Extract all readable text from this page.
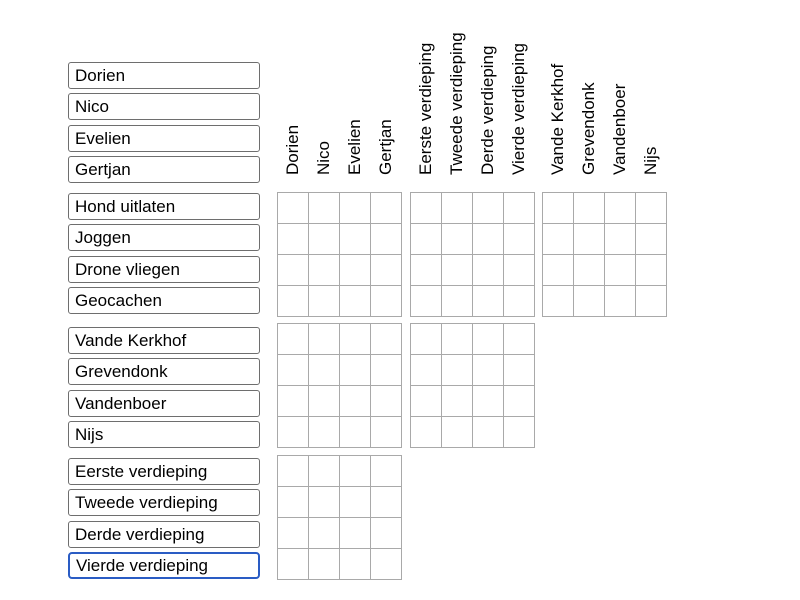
Dorien
Nico
Evelien
Gertjan
Hond uitlaten
Joggen
Drone vliegen
Geocachen
Vande Kerkhof
Grevendonk
Vandenboer
Nijs
Eerste verdieping
Tweede verdieping
Derde verdieping
Vierde verdieping
Dorien Nico Evelien Gertjan Eerste verdieping Tweede verdieping Derde verdieping Vierde verdieping Vande Kerkhof Grevendonk Vandenboer Nijs
